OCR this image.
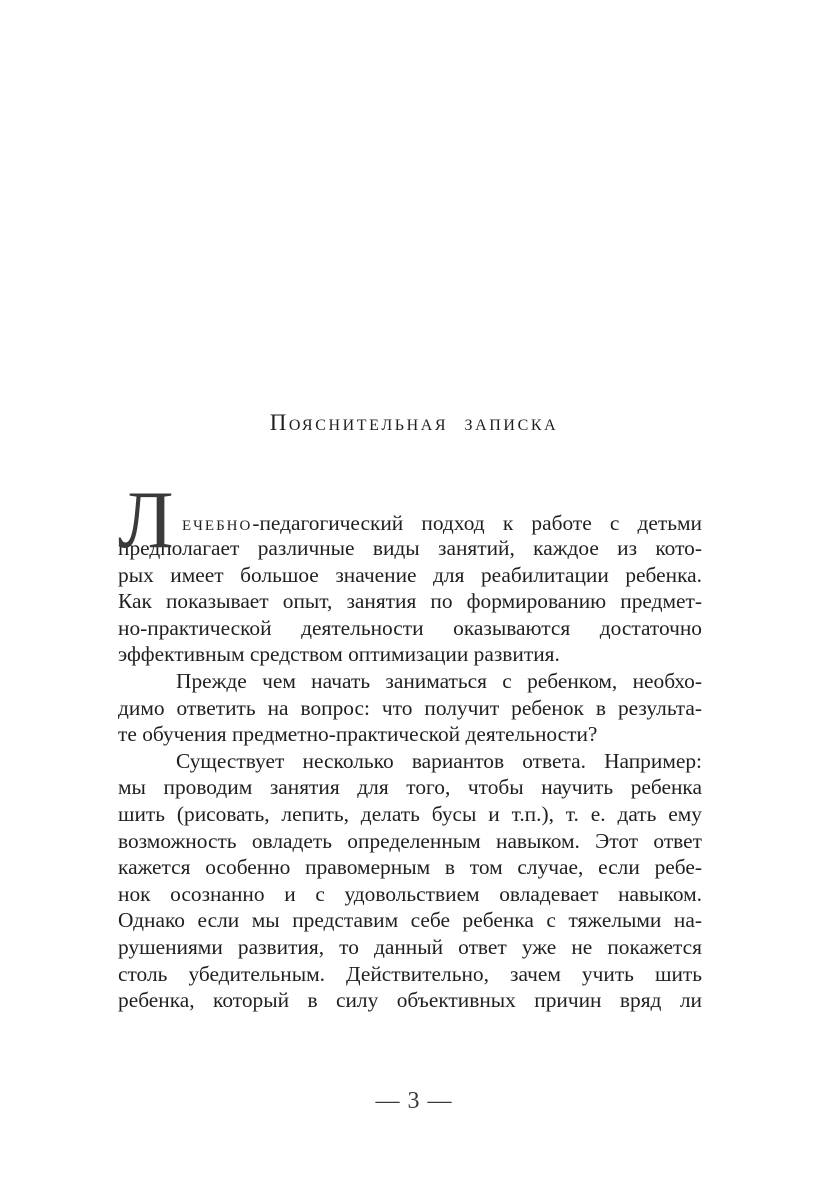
Пояснительная записка
Л ечебно-педагогический подход к работе с детьми
предполагает различные виды занятий, каждое из кото-
рых имеет большое значение для реабилитации ребенка.
Как показывает опыт, занятия по формированию предмет-
но-практической деятельности оказываются достаточно
эффективным средством оптимизации развития.
Прежде чем начать заниматься с ребенком, необхо-
димо ответить на вопрос: что получит ребенок в результа-
те обучения предметно-практической деятельности?
Существует несколько вариантов ответа. Например:
мы проводим занятия для того, чтобы научить ребенка
шить (рисовать, лепить, делать бусы и т.п.), т. е. дать ему
возможность овладеть определенным навыком. Этот ответ
кажется особенно правомерным в том случае, если ребе-
нок осознанно и с удовольствием овладевает навыком.
Однако если мы представим себе ребенка с тяжелыми на-
рушениями развития, то данный ответ уже не покажется
столь убедительным. Действительно, зачем учить шить
ребенка, который в силу объективных причин вряд ли
— 3 —
